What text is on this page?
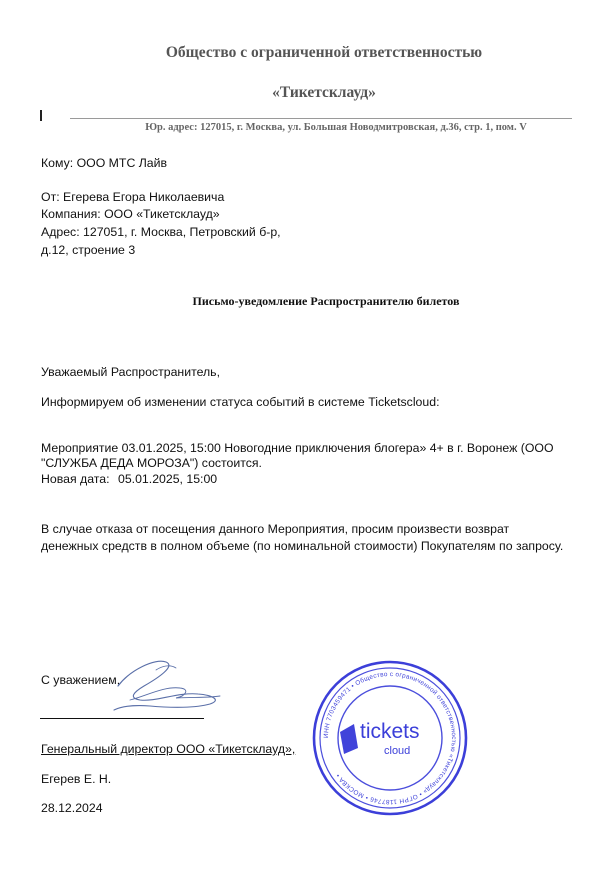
Общество с ограниченной ответственностью
«Тикетсклауд»
Юр. адрес: 127015, г. Москва, ул. Большая Новодмитровская, д.36, стр. 1, пом. V
Кому: ООО МТС Лайв
От: Егерева Егора Николаевича
Компания: ООО «Тикетсклауд»
Адрес: 127051, г. Москва, Петровский б-р,
д.12, строение 3
Письмо-уведомление Распространителю билетов
Уважаемый Распространитель,
Информируем об изменении статуса событий в системе Ticketscloud:
Мероприятие 03.01.2025, 15:00 Новогодние приключения блогера» 4+ в г. Воронеж (ООО
"СЛУЖБА ДЕДА МОРОЗА") состоится.
Новая дата: 05.01.2025, 15:00
В случае отказа от посещения данного Мероприятия, просим произвести возврат
денежных средств в полном объеме (по номинальной стоимости) Покупателям по запросу.
С уважением,
Генеральный директор ООО «Тикетсклауд»,
Егерев Е. Н.
28.12.2024
ИНН 7703459471 • Общество с ограниченной ответственностью «Тикетсклауд» • ОГРН 1187746 • МОСКВА •
tickets
cloud
